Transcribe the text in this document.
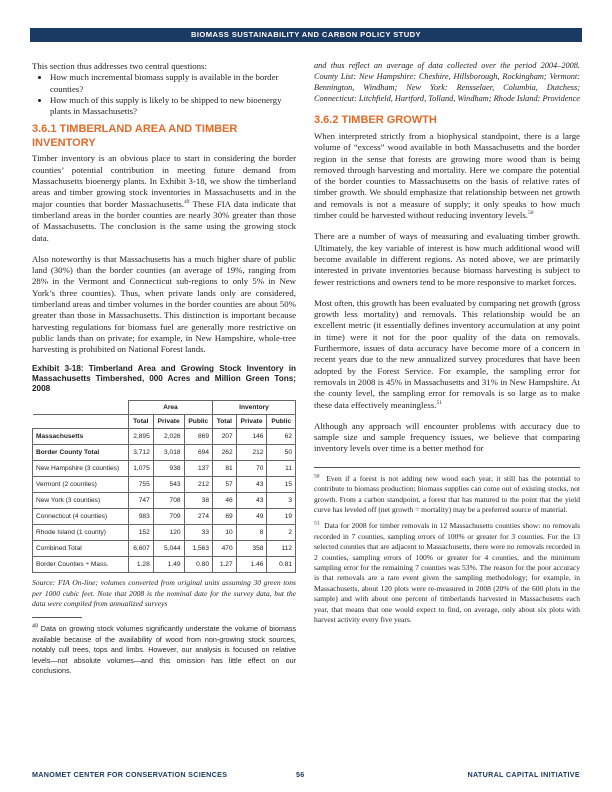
BIOMASS SUSTAINABILITY AND CARBON POLICY STUDY

This section thus addresses two central questions:

• How much incremental biomass supply is available in the border counties?
• How much of this supply is likely to be shipped to new bioenergy plants in Massachusetts?
3.6.1 TIMBERLAND AREA AND TIMBER INVENTORY

Timber inventory is an obvious place to start in considering the border counties’ potential contribution in meeting future demand from Massachusetts bioenergy plants. In Exhibit 3-18, we show the timberland areas and timber growing stock inventories in Massachusetts and in the major counties that border Massachusetts.$^{49}$ These FIA data indicate that timberland areas in the border counties are nearly 30% greater than those of Massachusetts. The conclusion is the same using the growing stock data.

Also noteworthy is that Massachusetts has a much higher share of public land (30%) than the border counties (an average of 19%, ranging from 28% in the Vermont and Connecticut sub-regions to only 5% in New York’s three counties). Thus, when private lands only are considered, timberland areas and timber volumes in the border counties are about 50% greater than those in Massachusetts. This distinction is important because harvesting regulations for biomass fuel are generally more restrictive on public lands than on private; for example, in New Hampshire, whole-tree harvesting is prohibited on National Forest lands.

Exhibit 3-18: Timberland Area and Growing Stock Inventory in Massachusetts Timbershed, 000 Acres and Million Green Tons; 2008

	Area			Inventory		
	Total	Private	Public	Total	Private	Public
Massachusetts	2,895	2,026	869	207	146	62
Border County Total	3,712	3,018	694	262	212	50
New Hampshire (3 counties)	1,075	938	137	81	70	11
Vermont (2 counties)	755	543	212	57	43	15
New York (3 counties)	747	708	38	46	43	3
Connecticut (4 counties)	983	709	274	69	49	19
Rhode Island (1 county)	152	120	33	10	8	2
Combined Total	6,607	5,044	1,563	470	358	112
Border Counties ÷ Mass.	1.28	1.49	0.80	1.27	1.46	0.81

Source: FIA On-line; volumes converted from original units assuming 30 green tons per 1000 cubic feet. Note that 2008 is the nominal date for the survey data, but the data were compiled from annualized surveys

$^{49}$ Data on growing stock volumes significantly understate the volume of biomass available because of the availability of wood from non-growing stock sources, notably cull trees, tops and limbs. However, our analysis is focused on relative levels—not absolute volumes—and this omission has little effect on our conclusions.

and thus reflect an average of data collected over the period 2004–2008. County List: New Hampshire: Cheshire, Hillsborough, Rockingham; Vermont: Bennington, Windham; New York: Rensselaer, Columbia, Dutchess; Connecticut: Litchfield, Hartford, Tolland, Windham; Rhode Island: Providence

3.6.2 TIMBER GROWTH

When interpreted strictly from a biophysical standpoint, there is a large volume of “excess” wood available in both Massachusetts and the border region in the sense that forests are growing more wood than is being removed through harvesting and mortality. Here we compare the potential of the border counties to Massachusetts on the basis of relative rates of timber growth. We should emphasize that relationship between net growth and removals is not a measure of supply; it only speaks to how much timber could be harvested without reducing inventory levels.$^{50}$

There are a number of ways of measuring and evaluating timber growth. Ultimately, the key variable of interest is how much additional wood will become available in different regions. As noted above, we are primarily interested in private inventories because biomass harvesting is subject to fewer restrictions and owners tend to be more responsive to market forces.

Most often, this growth has been evaluated by comparing net growth (gross growth less mortality) and removals. This relationship would be an excellent metric (it essentially defines inventory accumulation at any point in time) were it not for the poor quality of the data on removals. Furthermore, issues of data accuracy have become more of a concern in recent years due to the new annualized survey procedures that have been adopted by the Forest Service. For example, the sampling error for removals in 2008 is 45% in Massachusetts and 31% in New Hampshire. At the county level, the sampling error for removals is so large as to make these data effectively meaningless.$^{51}$

Although any approach will encounter problems with accuracy due to sample size and sample frequency issues, we believe that comparing inventory levels over time is a better method for

$^{50}$ Even if a forest is not adding new wood each year, it still has the potential to contribute to biomass production; biomass supplies can come out of existing stocks, not growth. From a carbon standpoint, a forest that has matured to the point that the yield curve has leveled off (net growth = mortality) may be a preferred source of material.

$^{51}$ Data for 2008 for timber removals in 12 Massachusetts counties show: no removals recorded in 7 counties, sampling errors of 100% or greater for 3 counties. For the 13 selected counties that are adjacent to Massachusetts, there were no removals recorded in 2 counties, sampling errors of 100% or greater for 4 counties, and the minimum sampling error for the remaining 7 counties was 53%. The reason for the poor accuracy is that removals are a rare event given the sampling methodology; for example, in Massachusetts, about 120 plots were re-measured in 2008 (20% of the 600 plots in the sample) and with about one percent of timberlands harvested in Massachusetts each year, that means that one would expect to find, on average, only about six plots with harvest activity every five years.

MANOMET CENTER FOR CONSERVATION SCIENCES	56	NATURAL CAPITAL INITIATIVE
